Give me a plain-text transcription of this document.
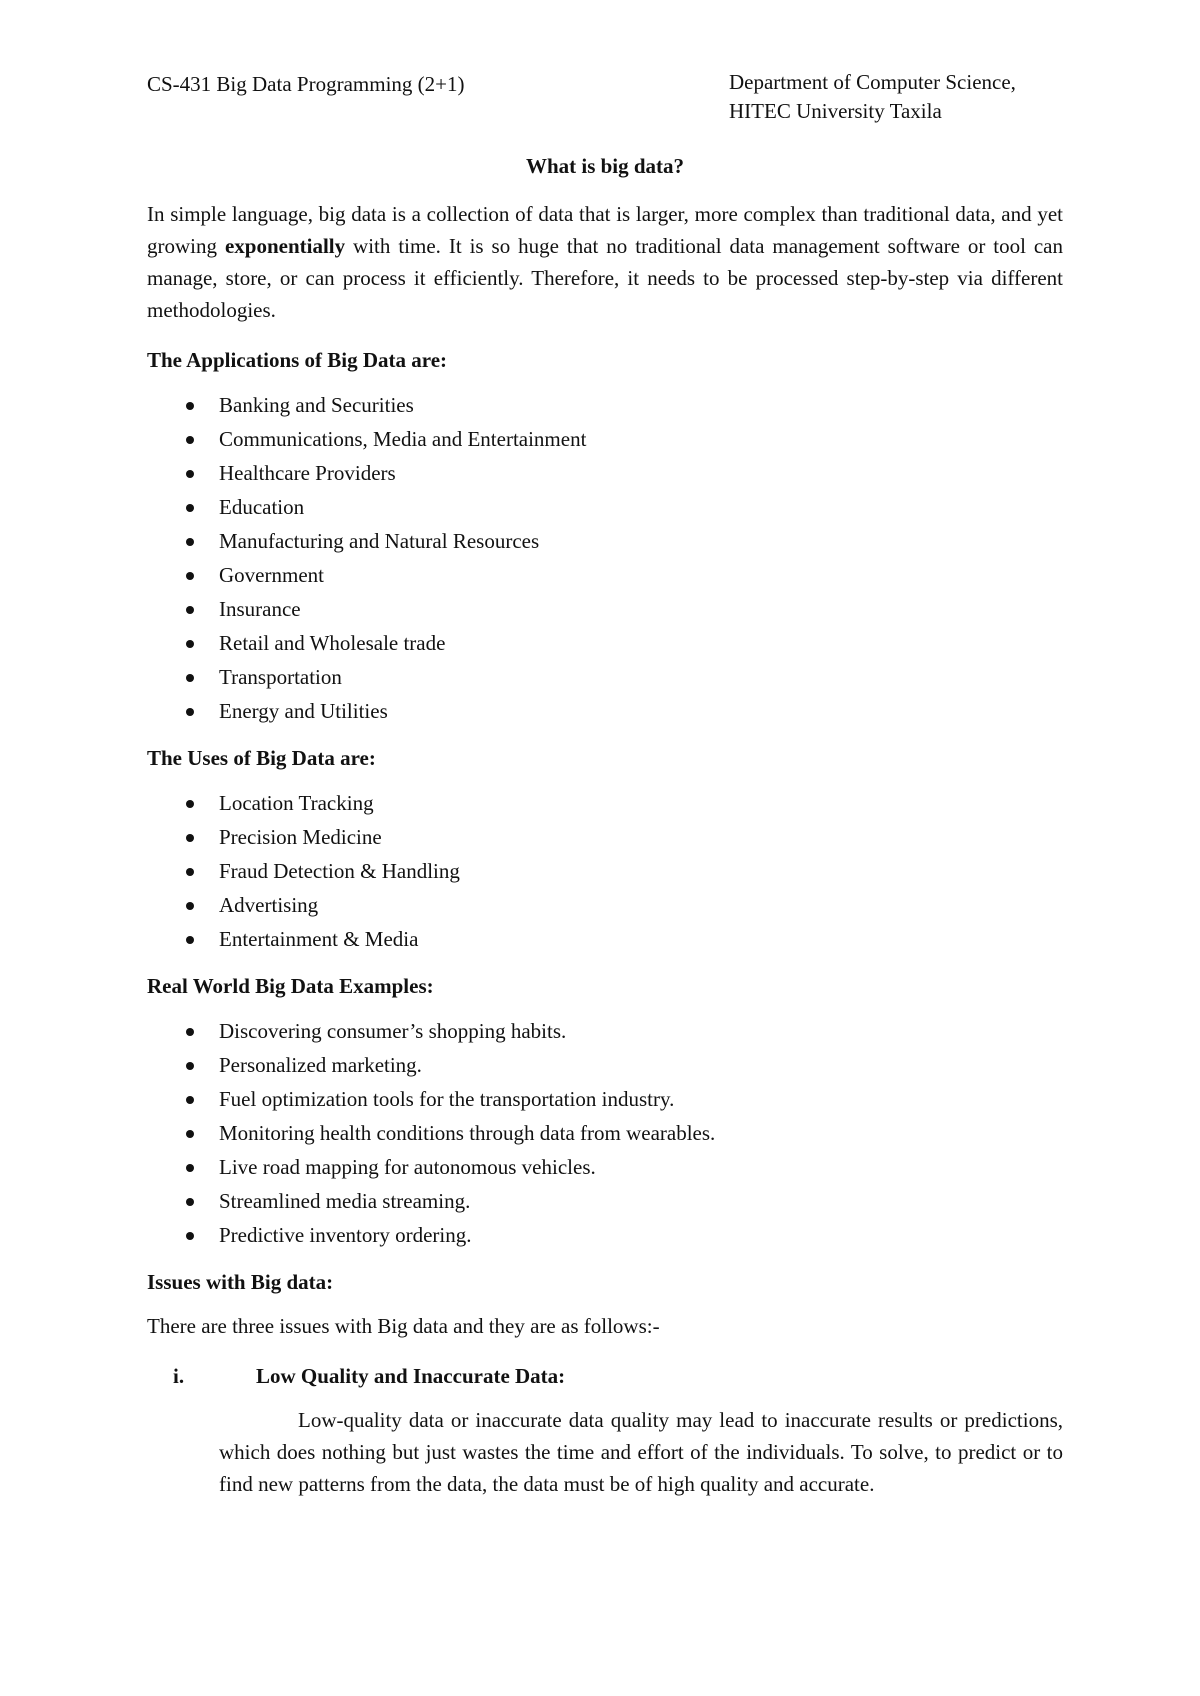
CS-431 Big Data Programming (2+1)	Department of Computer Science,
HITEC University Taxila
What is big data?

In simple language, big data is a collection of data that is larger, more complex than traditional data, and yet growing exponentially with time. It is so huge that no traditional data management software or tool can manage, store, or can process it efficiently. Therefore, it needs to be processed step-by-step via different methodologies.

The Applications of Big Data are:
Banking and Securities
Communications, Media and Entertainment
Healthcare Providers
Education
Manufacturing and Natural Resources
Government
Insurance
Retail and Wholesale trade
Transportation
Energy and Utilities
The Uses of Big Data are:
Location Tracking
Precision Medicine
Fraud Detection & Handling
Advertising
Entertainment & Media
Real World Big Data Examples:
Discovering consumer’s shopping habits.
Personalized marketing.
Fuel optimization tools for the transportation industry.
Monitoring health conditions through data from wearables.
Live road mapping for autonomous vehicles.
Streamlined media streaming.
Predictive inventory ordering.
Issues with Big data:

There are three issues with Big data and they are as follows:-

i.	Low Quality and Inaccurate Data:

Low-quality data or inaccurate data quality may lead to inaccurate results or predictions, which does nothing but just wastes the time and effort of the individuals. To solve, to predict or to find new patterns from the data, the data must be of high quality and accurate.
